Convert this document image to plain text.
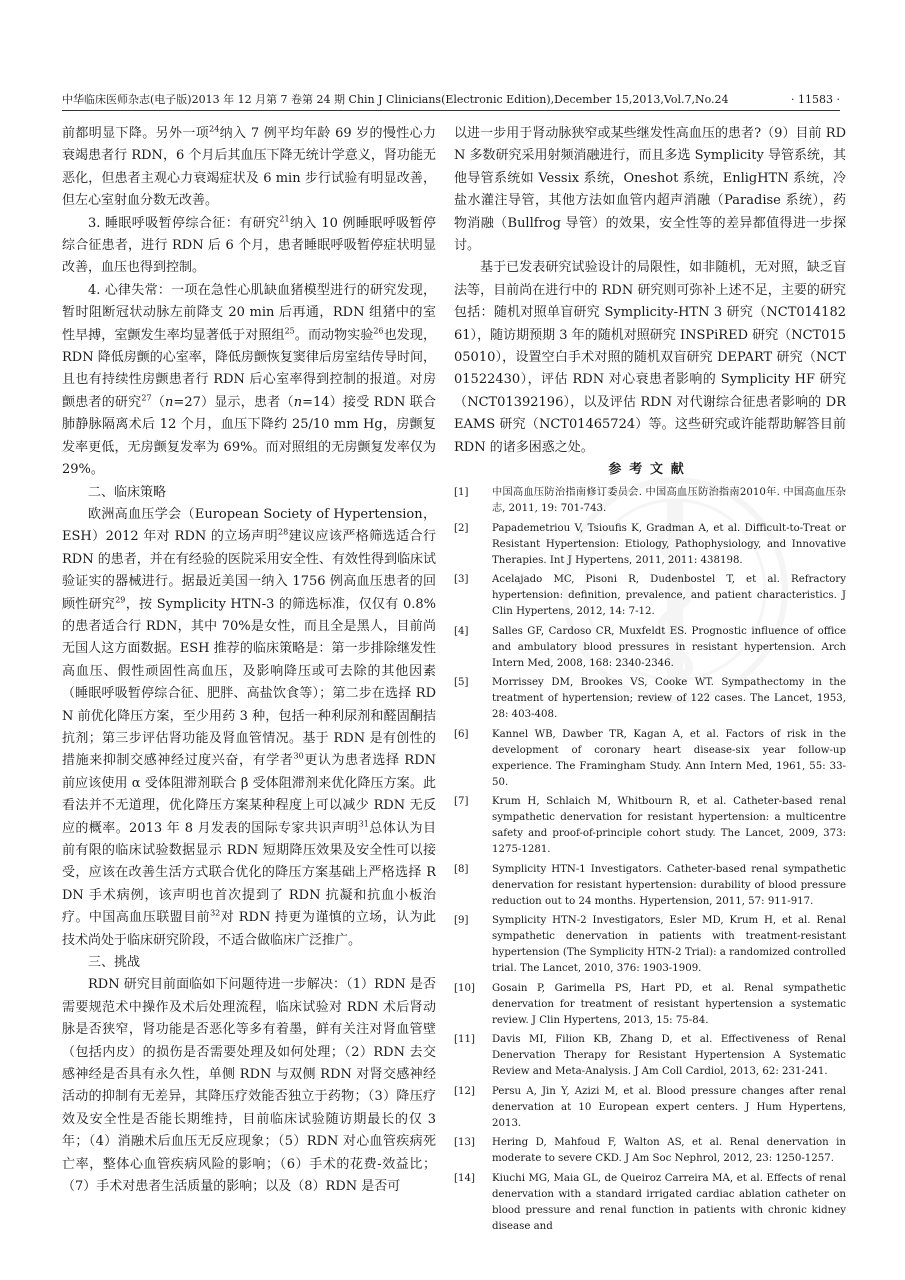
中华临床医师杂志(电子版)2013 年 12 月第 7 卷第 24 期 Chin J Clinicians(Electronic Edition),December 15,2013,Vol.7,No.24	· 11583 ·

前都明显下降。另外一项$^{24}$纳入 7 例平均年龄 69 岁的慢性心力衰竭患者行 RDN，6 个月后其血压下降无统计学意义，肾功能无恶化，但患者主观心力衰竭症状及 6 min 步行试验有明显改善，但左心室射血分数无改善。

3. 睡眠呼吸暂停综合征：有研究$^{21}$纳入 10 例睡眠呼吸暂停综合征患者，进行 RDN 后 6 个月，患者睡眠呼吸暂停症状明显改善，血压也得到控制。

4. 心律失常：一项在急性心肌缺血猪模型进行的研究发现，暂时阻断冠状动脉左前降支 20 min 后再通，RDN 组猪中的室性早搏，室颤发生率均显著低于对照组$^{25}$。而动物实验$^{26}$也发现，RDN 降低房颤的心室率，降低房颤恢复窦律后房室结传导时间，且也有持续性房颤患者行 RDN 后心室率得到控制的报道。对房颤患者的研究$^{27}$（n=27）显示，患者（n=14）接受 RDN 联合肺静脉隔离术后 12 个月，血压下降约 25/10 mm Hg，房颤复发率更低，无房颤复发率为 69%。而对照组的无房颤复发率仅为 29%。

二、临床策略

欧洲高血压学会（European Society of Hypertension，ESH）2012 年对 RDN 的立场声明$^{28}$建议应该严格筛选适合行 RDN 的患者，并在有经验的医院采用安全性、有效性得到临床试验证实的器械进行。据最近美国一纳入 1756 例高血压患者的回顾性研究$^{29}$，按 Symplicity HTN-3 的筛选标准，仅仅有 0.8%的患者适合行 RDN，其中 70%是女性，而且全是黑人，目前尚无国人这方面数据。ESH 推荐的临床策略是：第一步排除继发性高血压、假性顽固性高血压，及影响降压或可去除的其他因素（睡眠呼吸暂停综合征、肥胖、高盐饮食等）；第二步在选择 RDN 前优化降压方案，至少用药 3 种，包括一种利尿剂和醛固酮拮抗剂；第三步评估肾功能及肾血管情况。基于 RDN 是有创性的措施来抑制交感神经过度兴奋，有学者$^{30}$更认为患者选择 RDN 前应该使用 α 受体阻滞剂联合 β 受体阻滞剂来优化降压方案。此看法并不无道理，优化降压方案某种程度上可以减少 RDN 无反应的概率。2013 年 8 月发表的国际专家共识声明$^{31}$总体认为目前有限的临床试验数据显示 RDN 短期降压效果及安全性可以接受，应该在改善生活方式联合优化的降压方案基础上严格选择 RDN 手术病例，该声明也首次提到了 RDN 抗凝和抗血小板治疗。中国高血压联盟目前$^{32}$对 RDN 持更为谨慎的立场，认为此技术尚处于临床研究阶段，不适合做临床广泛推广。

三、挑战

RDN 研究目前面临如下问题待进一步解决：（1）RDN 是否需要规范术中操作及术后处理流程，临床试验对 RDN 术后肾动脉是否狭窄，肾功能是否恶化等多有着墨，鲜有关注对肾血管壁（包括内皮）的损伤是否需要处理及如何处理；（2）RDN 去交感神经是否具有永久性，单侧 RDN 与双侧 RDN 对肾交感神经活动的抑制有无差异，其降压疗效能否独立于药物；（3）降压疗效及安全性是否能长期维持，目前临床试验随访期最长的仅 3 年；（4）消融术后血压无反应现象；（5）RDN 对心血管疾病死亡率，整体心血管疾病风险的影响；（6）手术的花费-效益比；（7）手术对患者生活质量的影响；以及（8）RDN 是否可

以进一步用于肾动脉狭窄或某些继发性高血压的患者?（9）目前 RDN 多数研究采用射频消融进行，而且多选 Symplicity 导管系统，其他导管系统如 Vessix 系统，Oneshot 系统，EnligHTN 系统，冷盐水灌注导管，其他方法如血管内超声消融（Paradise 系统），药物消融（Bullfrog 导管）的效果，安全性等的差异都值得进一步探讨。

基于已发表研究试验设计的局限性，如非随机，无对照，缺乏盲法等，目前尚在进行中的 RDN 研究则可弥补上述不足，主要的研究包括：随机对照单盲研究 Symplicity-HTN 3 研究（NCT01418261），随访期预期 3 年的随机对照研究 INSPiRED 研究（NCT01505010），设置空白手术对照的随机双盲研究 DEPART 研究（NCT01522430），评估 RDN 对心衰患者影响的 Symplicity HF 研究（NCT01392196），以及评估 RDN 对代谢综合征患者影响的 DREAMS 研究（NCT01465724）等。这些研究或许能帮助解答目前 RDN 的诸多困惑之处。

参考文献

[1]	中国高血压防治指南修订委员会. 中国高血压防治指南2010年. 中国高血压杂志, 2011, 19: 701-743.
[2]	Papademetriou V, Tsioufis K, Gradman A, et al. Difficult-to-Treat or Resistant Hypertension: Etiology, Pathophysiology, and Innovative Therapies. Int J Hypertens, 2011, 2011: 438198.
[3]	Acelajado MC, Pisoni R, Dudenbostel T, et al. Refractory hypertension: definition, prevalence, and patient characteristics. J Clin Hypertens, 2012, 14: 7-12.
[4]	Salles GF, Cardoso CR, Muxfeldt ES. Prognostic influence of office and ambulatory blood pressures in resistant hypertension. Arch Intern Med, 2008, 168: 2340-2346.
[5]	Morrissey DM, Brookes VS, Cooke WT. Sympathectomy in the treatment of hypertension; review of 122 cases. The Lancet, 1953, 28: 403-408.
[6]	Kannel WB, Dawber TR, Kagan A, et al. Factors of risk in the development of coronary heart disease-six year follow-up experience. The Framingham Study. Ann Intern Med, 1961, 55: 33-50.
[7]	Krum H, Schlaich M, Whitbourn R, et al. Catheter-based renal sympathetic denervation for resistant hypertension: a multicentre safety and proof-of-principle cohort study. The Lancet, 2009, 373: 1275-1281.
[8]	Symplicity HTN-1 Investigators. Catheter-based renal sympathetic denervation for resistant hypertension: durability of blood pressure reduction out to 24 months. Hypertension, 2011, 57: 911-917.
[9]	Symplicity HTN-2 Investigators, Esler MD, Krum H, et al. Renal sympathetic denervation in patients with treatment-resistant hypertension (The Symplicity HTN-2 Trial): a randomized controlled trial. The Lancet, 2010, 376: 1903-1909.
[10]	Gosain P, Garimella PS, Hart PD, et al. Renal sympathetic denervation for treatment of resistant hypertension a systematic review. J Clin Hypertens, 2013, 15: 75-84.
[11]	Davis MI, Filion KB, Zhang D, et al. Effectiveness of Renal Denervation Therapy for Resistant Hypertension A Systematic Review and Meta-Analysis. J Am Coll Cardiol, 2013, 62: 231-241.
[12]	Persu A, Jin Y, Azizi M, et al. Blood pressure changes after renal denervation at 10 European expert centers. J Hum Hypertens, 2013.
[13]	Hering D, Mahfoud F, Walton AS, et al. Renal denervation in moderate to severe CKD. J Am Soc Nephrol, 2012, 23: 1250-1257.
[14]	Kiuchi MG, Maia GL, de Queiroz Carreira MA, et al. Effects of renal denervation with a standard irrigated cardiac ablation catheter on blood pressure and renal function in patients with chronic kidney disease and
